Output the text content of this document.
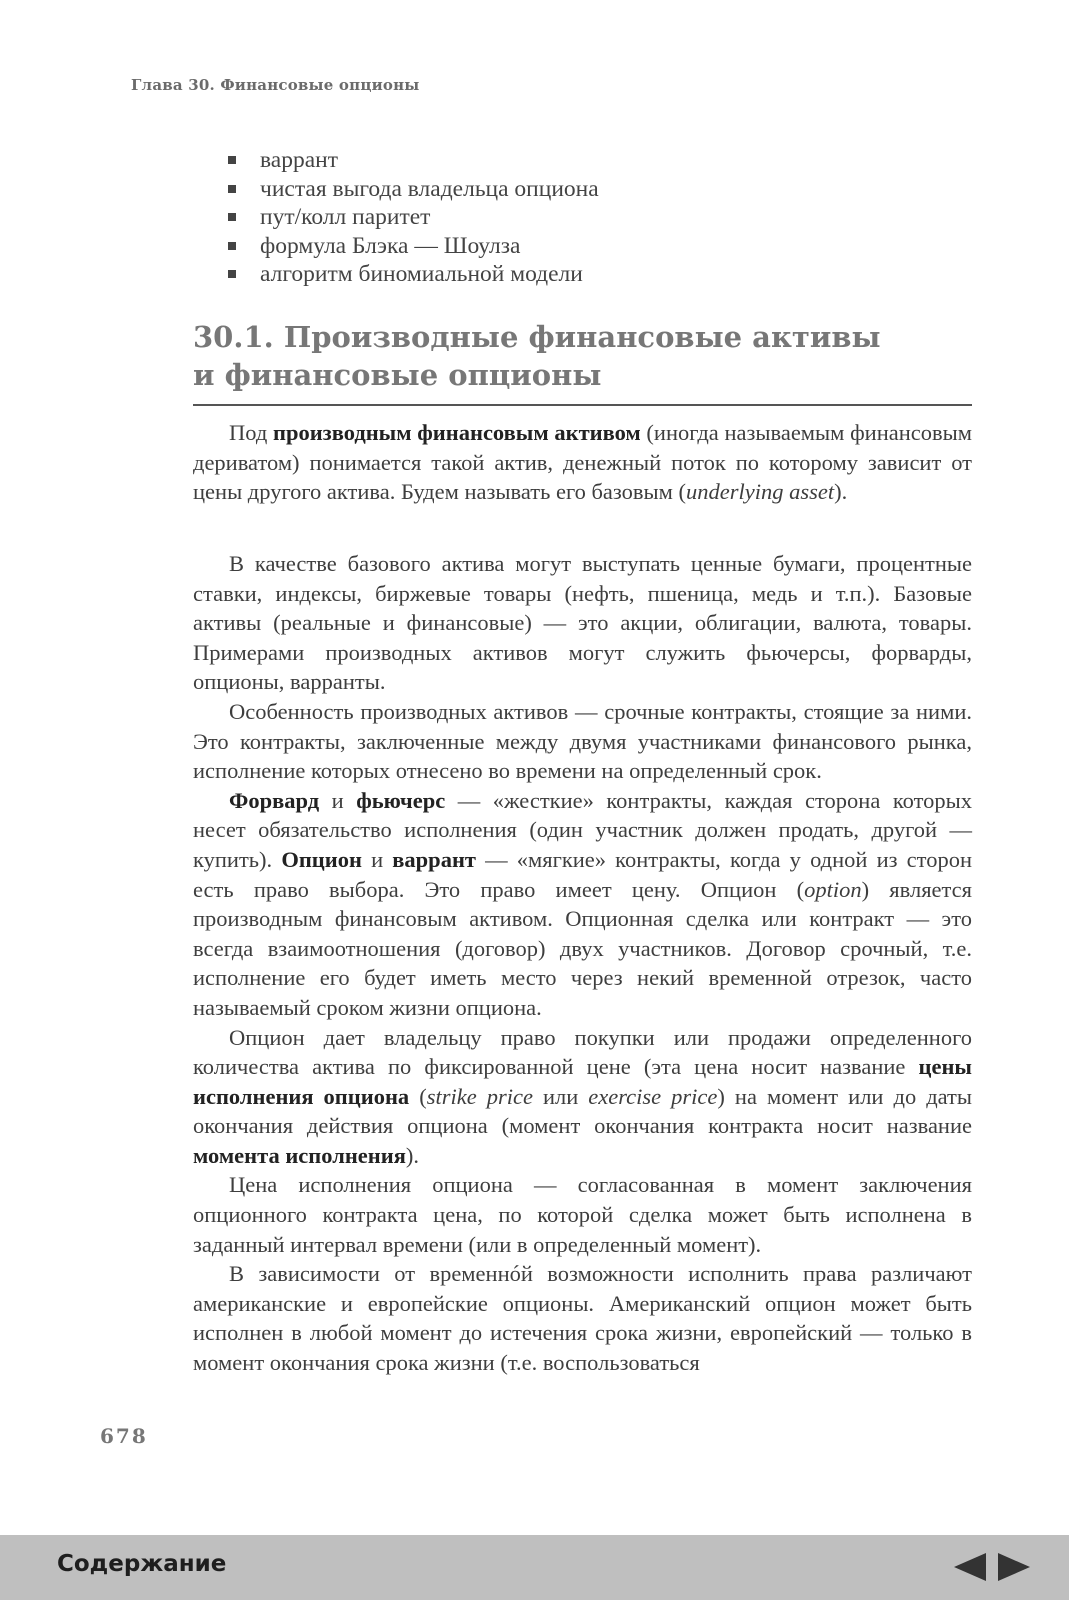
Глава 30. Финансовые опционы
варрант
чистая выгода владельца опциона
пут/колл паритет
формула Блэка — Шоулза
алгоритм биномиальной модели
30.1. Производные финансовые активы
и финансовые опционы

Под производным финансовым активом (иногда называемым финансовым дериватом) понимается такой актив, денежный поток по которому зависит от цены другого актива. Будем называть его базовым (underlying asset).

В качестве базового актива могут выступать ценные бумаги, процентные ставки, индексы, биржевые товары (нефть, пшеница, медь и т.п.). Базовые активы (реальные и финансовые) — это акции, облигации, валюта, товары. Примерами производных активов могут служить фьючерсы, форварды, опционы, варранты.

Особенность производных активов — срочные контракты, стоящие за ними. Это контракты, заключенные между двумя участниками финансового рынка, исполнение которых отнесено во времени на определенный срок.

Форвард и фьючерс — «жесткие» контракты, каждая сторона которых несет обязательство исполнения (один участник должен продать, другой — купить). Опцион и варрант — «мягкие» контракты, когда у одной из сторон есть право выбора. Это право имеет цену. Опцион (option) является производным финансовым активом. Опционная сделка или контракт — это всегда взаимоотношения (договор) двух участников. Договор срочный, т.е. исполнение его будет иметь место через некий временной отрезок, часто называемый сроком жизни опциона.

Опцион дает владельцу право покупки или продажи определенного количества актива по фиксированной цене (эта цена носит название цены исполнения опциона (strike price или exercise price) на момент или до даты окончания действия опциона (момент окончания контракта носит название момента исполнения).

Цена исполнения опциона — согласованная в момент заключения опционного контракта цена, по которой сделка может быть исполнена в заданный интервал времени (или в определенный момент).

В зависимости от временнóй возможности исполнить права различают американские и европейские опционы. Американский опцион может быть исполнен в любой момент до истечения срока жизни, европейский — только в момент окончания срока жизни (т.е. воспользоваться

678
Содержание
